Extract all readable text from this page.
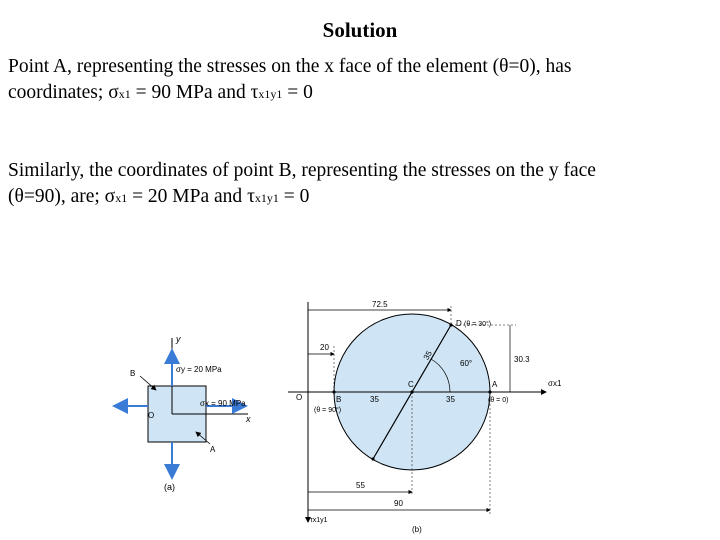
Solution
Point A, representing the stresses on the x face of the element (θ=0), has
coordinates; σx1 = 90 MPa and τx1y1 = 0
Similarly, the coordinates of point B, representing the stresses on the y face
(θ=90), are; σx1 = 20 MPa and τx1y1 = 0
y
σy = 20 MPa
B
σx = 90 MPa
O	x
A
(a)
72.5
D (θ = 30°)
20
35	30.3
60°
C	A	σx1
O	B	35	35	(θ = 0)
(θ = 90°)
55
90
τx1y1
(b)
